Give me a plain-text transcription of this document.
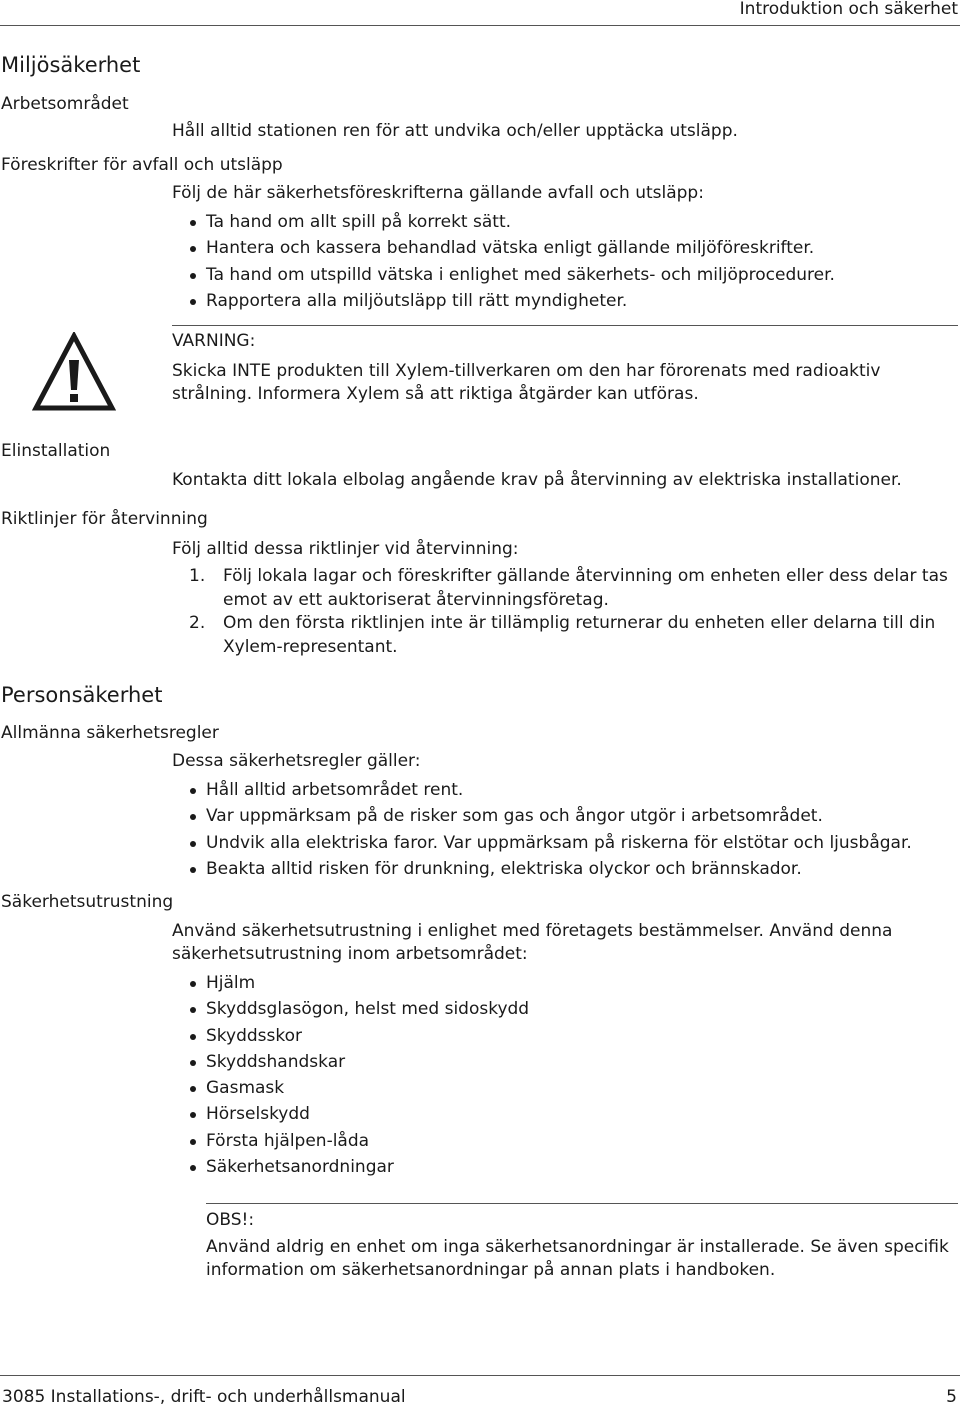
Introduktion och säkerhet
Miljösäkerhet
Arbetsområdet
Håll alltid stationen ren för att undvika och/eller upptäcka utsläpp.
Föreskrifter för avfall och utsläpp
Följ de här säkerhetsföreskrifterna gällande avfall och utsläpp:
Ta hand om allt spill på korrekt sätt.
Hantera och kassera behandlad vätska enligt gällande miljöföreskrifter.
Ta hand om utspilld vätska i enlighet med säkerhets- och miljöprocedurer.
Rapportera alla miljöutsläpp till rätt myndigheter.
VARNING:
Skicka INTE produkten till Xylem-tillverkaren om den har förorenats med radioaktiv
strålning. Informera Xylem så att riktiga åtgärder kan utföras.
Elinstallation
Kontakta ditt lokala elbolag angående krav på återvinning av elektriska installationer.
Riktlinjer för återvinning
Följ alltid dessa riktlinjer vid återvinning:
1. Följ lokala lagar och föreskrifter gällande återvinning om enheten eller dess delar tas
emot av ett auktoriserat återvinningsföretag.
2. Om den första riktlinjen inte är tillämplig returnerar du enheten eller delarna till din
Xylem-representant.
Personsäkerhet
Allmänna säkerhetsregler
Dessa säkerhetsregler gäller:
Håll alltid arbetsområdet rent.
Var uppmärksam på de risker som gas och ångor utgör i arbetsområdet.
Undvik alla elektriska faror. Var uppmärksam på riskerna för elstötar och ljusbågar.
Beakta alltid risken för drunkning, elektriska olyckor och brännskador.
Säkerhetsutrustning
Använd säkerhetsutrustning i enlighet med företagets bestämmelser. Använd denna
säkerhetsutrustning inom arbetsområdet:
Hjälm
Skyddsglasögon, helst med sidoskydd
Skyddsskor
Skyddshandskar
Gasmask
Hörselskydd
Första hjälpen-låda
Säkerhetsanordningar
OBS!:
Använd aldrig en enhet om inga säkerhetsanordningar är installerade. Se även specifik
information om säkerhetsanordningar på annan plats i handboken.
3085 Installations-, drift- och underhållsmanual	5
